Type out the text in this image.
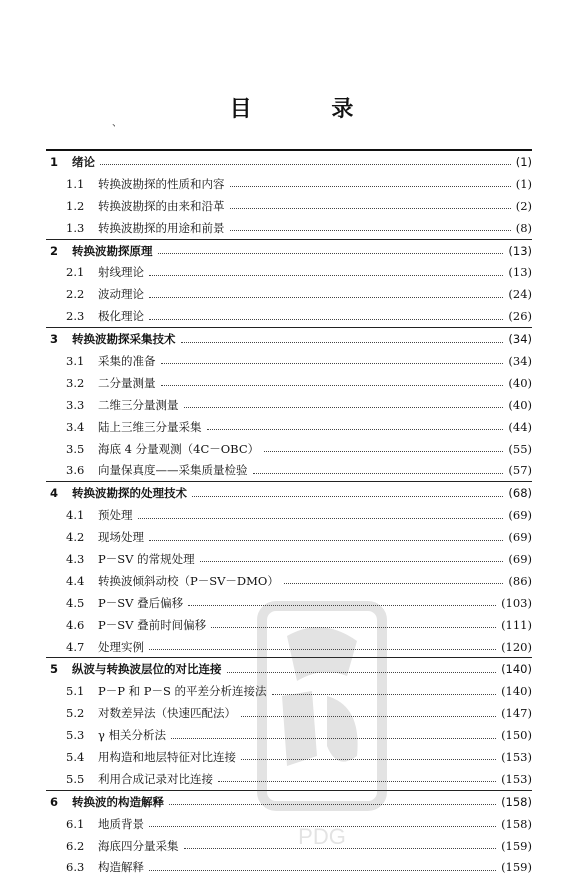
目 录
、
1	绪论	(1)
1.1	转换波勘探的性质和内容	(1)
1.2	转换波勘探的由来和沿革	(2)
1.3	转换波勘探的用途和前景	(8)
2	转换波勘探原理	(13)
2.1	射线理论	(13)
2.2	波动理论	(24)
2.3	极化理论	(26)
3	转换波勘探采集技术	(34)
3.1	采集的准备	(34)
3.2	二分量测量	(40)
3.3	二维三分量测量	(40)
3.4	陆上三维三分量采集	(44)
3.5	海底 4 分量观测（4C－OBC）	(55)
3.6	向量保真度——采集质量检验	(57)
4	转换波勘探的处理技术	(68)
4.1	预处理	(69)
4.2	现场处理	(69)
4.3	P－SV 的常规处理	(69)
4.4	转换波倾斜动校（P－SV－DMO）	(86)
4.5	P－SV 叠后偏移	(103)
4.6	P－SV 叠前时间偏移	(111)
4.7	处理实例	(120)
5	纵波与转换波层位的对比连接	(140)
5.1	P－P 和 P－S 的平差分析连接法	(140)
5.2	对数差异法（快速匹配法）	(147)
5.3	γ 相关分析法	(150)
5.4	用构造和地层特征对比连接	(153)
5.5	利用合成记录对比连接	(153)
6	转换波的构造解释	(158)
6.1	地质背景	(158)
6.2	海底四分量采集	(159)
6.3	构造解释	(159)
PDG
